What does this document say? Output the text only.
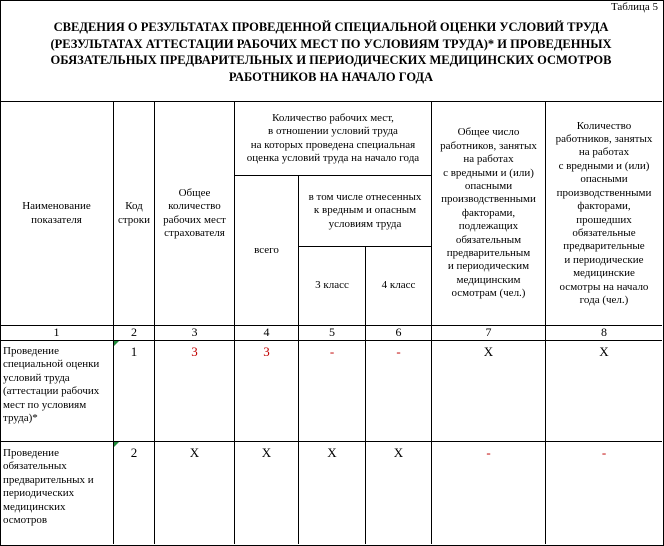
Таблица 5
СВЕДЕНИЯ О РЕЗУЛЬТАТАХ ПРОВЕДЕННОЙ СПЕЦИАЛЬНОЙ ОЦЕНКИ УСЛОВИЙ ТРУДА
(РЕЗУЛЬТАТАХ АТТЕСТАЦИИ РАБОЧИХ МЕСТ ПО УСЛОВИЯМ ТРУДА)* И ПРОВЕДЕННЫХ
ОБЯЗАТЕЛЬНЫХ ПРЕДВАРИТЕЛЬНЫХ И ПЕРИОДИЧЕСКИХ МЕДИЦИНСКИХ ОСМОТРОВ
РАБОТНИКОВ НА НАЧАЛО ГОДА
Наименование
показателя
Код
строки
Общее
количество
рабочих мест
страхователя
Количество рабочих мест,
в отношении условий труда
на которых проведена специальная
оценка условий труда на начало года
всего
в том числе отнесенных
к вредным и опасным
условиям труда
3 класс	4 класс
Общее число
работников, занятых
на работах
с вредными и (или)
опасными
производственными
факторами,
подлежащих
обязательным
предварительным
и периодическим
медицинским
осмотрам (чел.)
Количество
работников, занятых
на работах
с вредными и (или)
опасными
производственными
факторами,
прошедших
обязательные
предварительные
и периодические
медицинские
осмотры на начало
года (чел.)
1	2	3	4	5	6	7	8
Проведение
специальной оценки
условий труда
(аттестации рабочих
мест по условиям
труда)*
1	3	3	-	-	X	X
Проведение
обязательных
предварительных и
периодических
медицинских
осмотров
2	X	X	X	X	-	-
